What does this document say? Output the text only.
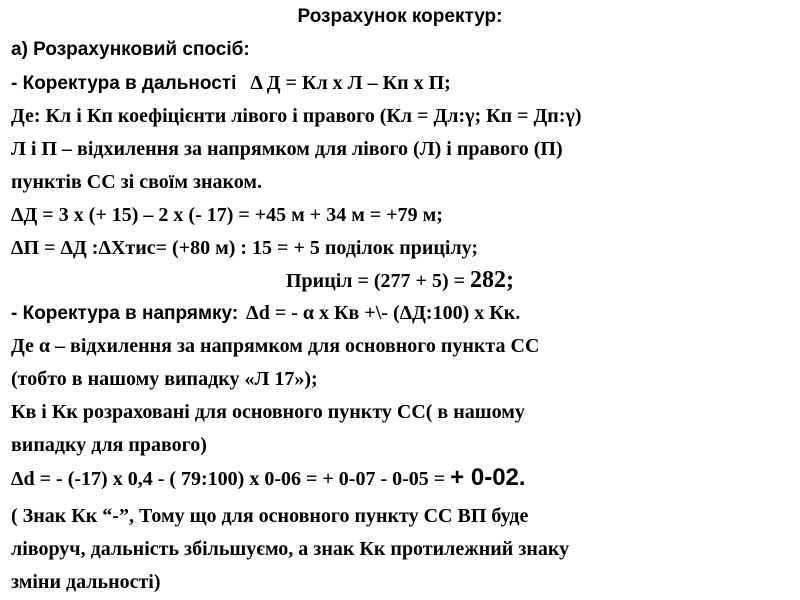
Розрахунок коректур:
а) Розрахунковий спосіб:
- Коректура в дальності Δ Д = Кл х Л – Кп х П;
Де: Кл і Кп коефіцієнти лівого і правого (Кл = Дл:γ; Кп = Дп:γ)
Л і П – відхилення за напрямком для лівого (Л) і правого (П)
пунктів СС зі своїм знаком.
ΔД = 3 х (+ 15) – 2 х (- 17) = +45 м + 34 м = +79 м;
ΔП = ΔД :ΔХтис= (+80 м) : 15 = + 5 поділок прицілу;
Приціл = (277 + 5) = 282;
- Коректура в напрямку: Δd = - α х Кв +\- (ΔД:100) х Кк.
Де α – відхилення за напрямком для основного пункта СС
(тобто в нашому випадку «Л 17»);
Кв і Кк розраховані для основного пункту СС( в нашому
випадку для правого)
Δd = - (-17) х 0,4 - ( 79:100) х 0-06 = + 0-07 - 0-05 = + 0-02.
( Знак Кк “-”, Тому що для основного пункту СС ВП буде
ліворуч, дальність збільшуємо, а знак Кк протилежний знаку
зміни дальності)
